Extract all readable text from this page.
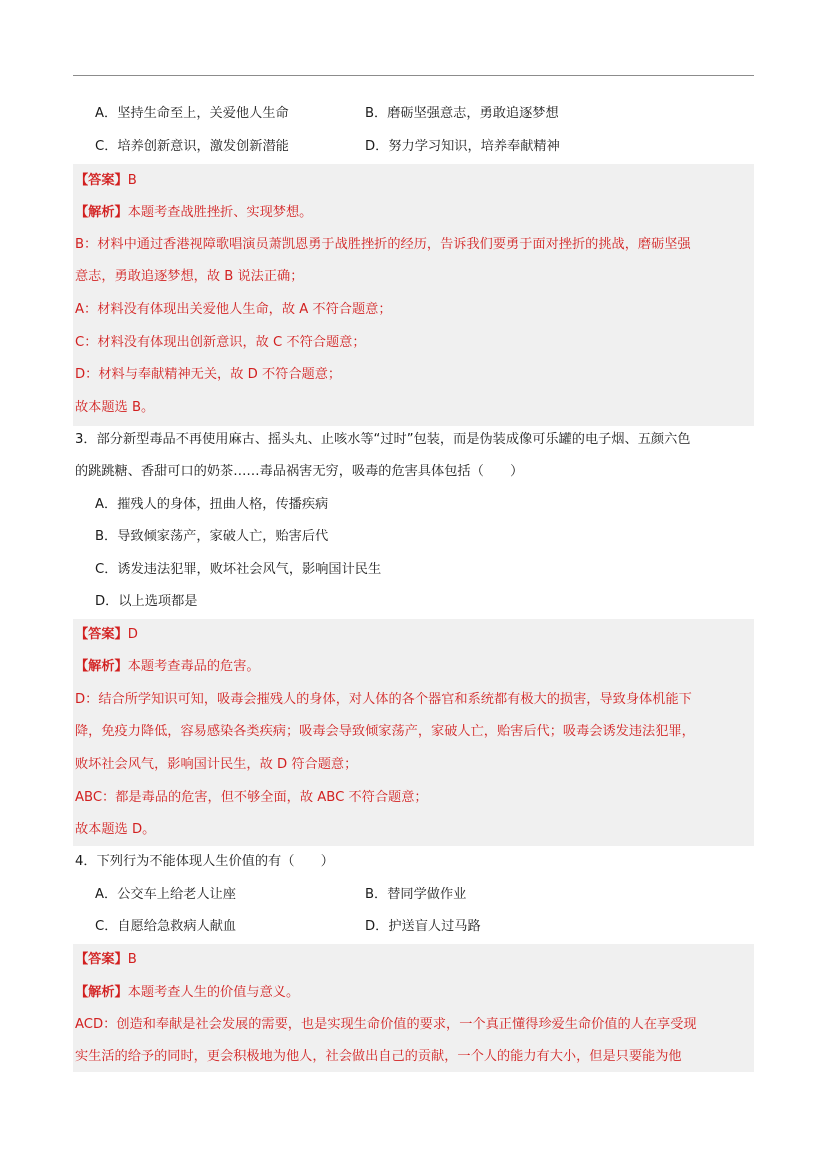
A．坚持生命至上，关爱他人生命	B．磨砺坚强意志，勇敢追逐梦想
C．培养创新意识，激发创新潜能	D．努力学习知识，培养奉献精神
【答案】B
【解析】本题考查战胜挫折、实现梦想。
B：材料中通过香港视障歌唱演员萧凯恩勇于战胜挫折的经历，告诉我们要勇于面对挫折的挑战，磨砺坚强
意志，勇敢追逐梦想，故 B 说法正确；
A：材料没有体现出关爱他人生命，故 A 不符合题意；
C：材料没有体现出创新意识，故 C 不符合题意；
D：材料与奉献精神无关，故 D 不符合题意；
故本题选 B。
3．部分新型毒品不再使用麻古、摇头丸、止咳水等“过时”包装，而是伪装成像可乐罐的电子烟、五颜六色
的跳跳糖、香甜可口的奶茶……毒品祸害无穷，吸毒的危害具体包括（　　）
A．摧残人的身体，扭曲人格，传播疾病
B．导致倾家荡产，家破人亡，贻害后代
C．诱发违法犯罪，败坏社会风气，影响国计民生
D．以上选项都是
【答案】D
【解析】本题考查毒品的危害。
D：结合所学知识可知，吸毒会摧残人的身体，对人体的各个器官和系统都有极大的损害，导致身体机能下
降，免疫力降低，容易感染各类疾病；吸毒会导致倾家荡产，家破人亡，贻害后代；吸毒会诱发违法犯罪，
败坏社会风气，影响国计民生，故 D 符合题意；
ABC：都是毒品的危害，但不够全面，故 ABC 不符合题意；
故本题选 D。
4．下列行为不能体现人生价值的有（　　）
A．公交车上给老人让座	B．替同学做作业
C．自愿给急救病人献血	D．护送盲人过马路
【答案】B
【解析】本题考查人生的价值与意义。
ACD：创造和奉献是社会发展的需要，也是实现生命价值的要求，一个真正懂得珍爱生命价值的人在享受现
实生活的给予的同时，更会积极地为他人，社会做出自己的贡献，一个人的能力有大小，但是只要能为他
